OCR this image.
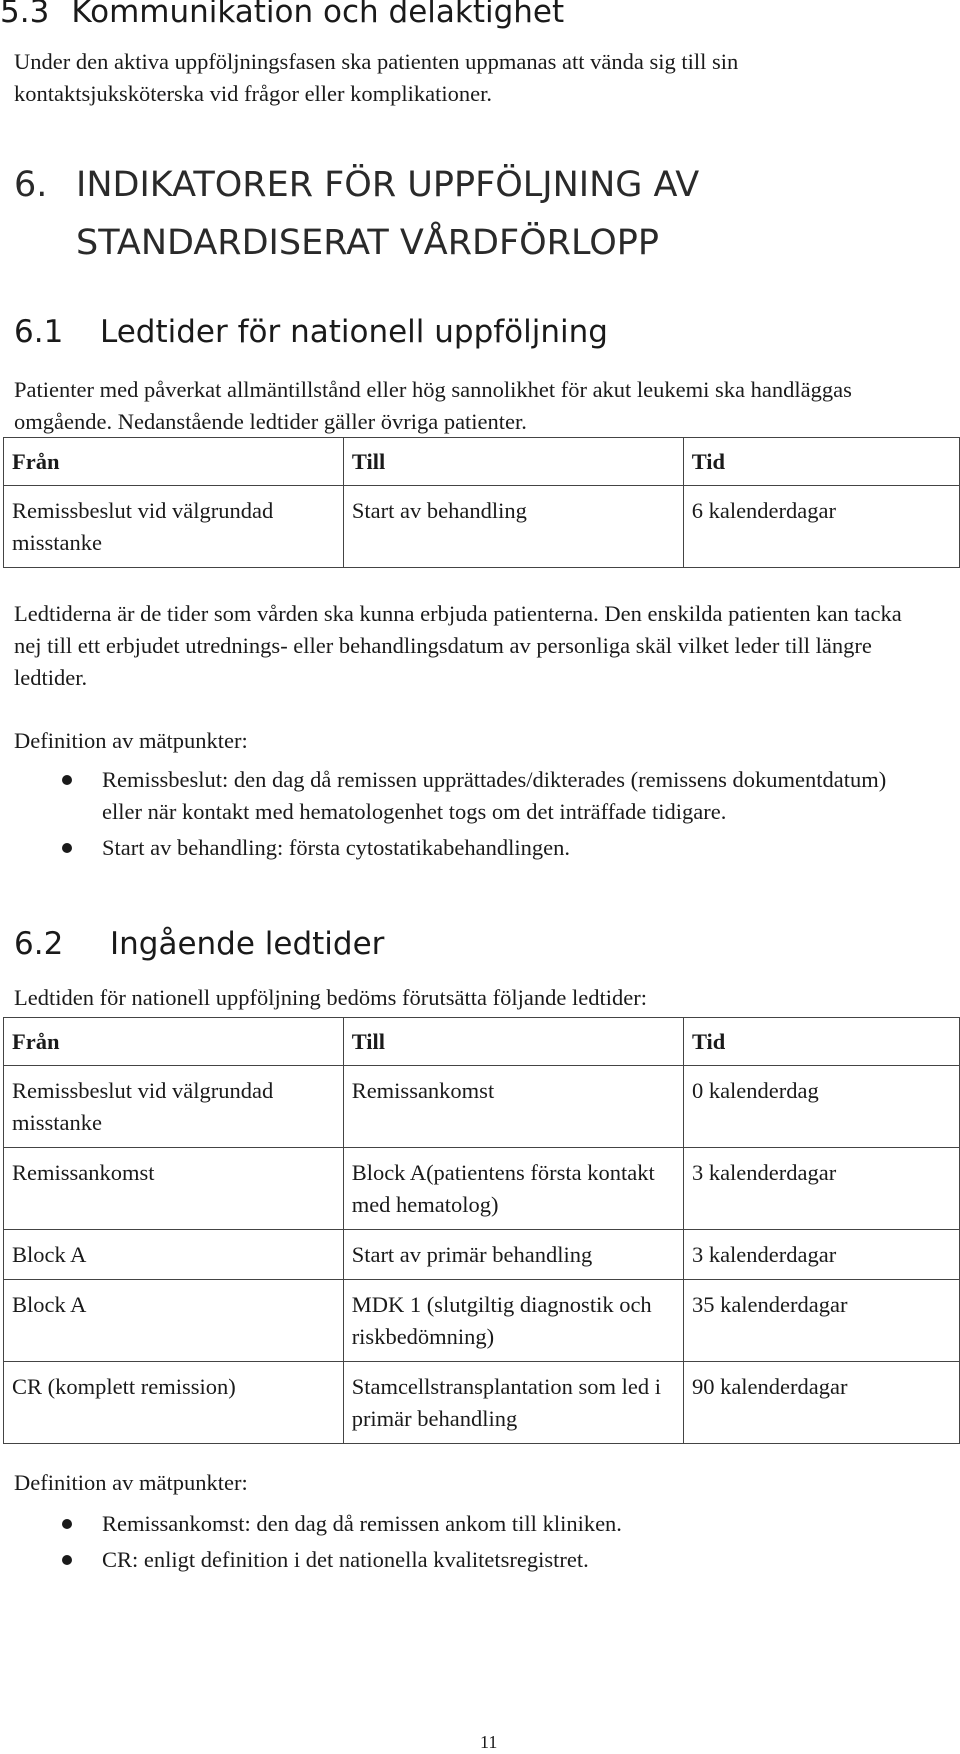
5.3 Kommunikation och delaktighet
Under den aktiva uppföljningsfasen ska patienten uppmanas att vända sig till sin kontaktsjuksköterska vid frågor eller komplikationer.
6. INDIKATORER FÖR UPPFÖLJNING AV
STANDARDISERAT VÅRDFÖRLOPP
6.1 Ledtider för nationell uppföljning
Patienter med påverkat allmäntillstånd eller hög sannolikhet för akut leukemi ska handläggas omgående. Nedanstående ledtider gäller övriga patienter.
Från	Till	Tid
Remissbeslut vid välgrundad misstanke	Start av behandling	6 kalenderdagar
Ledtiderna är de tider som vården ska kunna erbjuda patienterna. Den enskilda patienten kan tacka nej till ett erbjudet utrednings- eller behandlingsdatum av personliga skäl vilket leder till längre ledtider.
Definition av mätpunkter:
Remissbeslut: den dag då remissen upprättades/dikterades (remissens dokumentdatum) eller när kontakt med hematologenhet togs om det inträffade tidigare.
Start av behandling: första cytostatikabehandlingen.
6.2 Ingående ledtider
Ledtiden för nationell uppföljning bedöms förutsätta följande ledtider:
Från	Till	Tid
Remissbeslut vid välgrundad misstanke	Remissankomst	0 kalenderdag
Remissankomst	Block A(patientens första kontakt med hematolog)	3 kalenderdagar
Block A	Start av primär behandling	3 kalenderdagar
Block A	MDK 1 (slutgiltig diagnostik och riskbedömning)	35 kalenderdagar
CR (komplett remission)	Stamcellstransplantation som led i primär behandling	90 kalenderdagar
Definition av mätpunkter:
Remissankomst: den dag då remissen ankom till kliniken.
CR: enligt definition i det nationella kvalitetsregistret.
11
